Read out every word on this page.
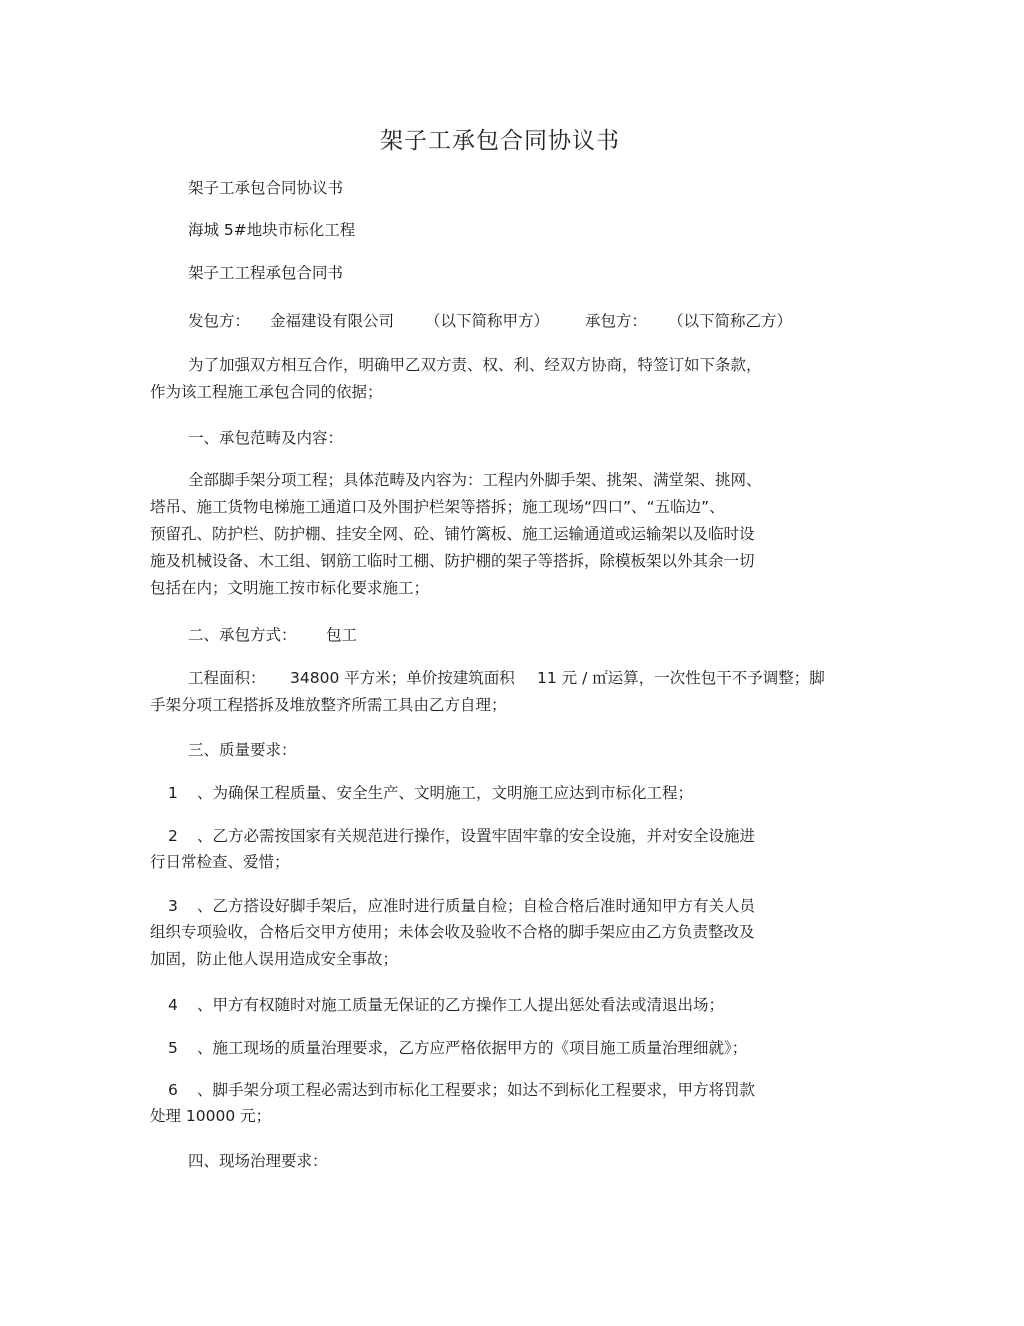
架子工承包合同协议书
架子工承包合同协议书
海城 5#地块市标化工程
架子工工程承包合同书
发包方： 金福建设有限公司 （以下简称甲方） 承包方： （以下简称乙方）
为了加强双方相互合作，明确甲乙双方责、权、利、经双方协商，特签订如下条款，
作为该工程施工承包合同的依据；
一、承包范畴及内容：
全部脚手架分项工程；具体范畴及内容为：工程内外脚手架、挑架、满堂架、挑网、
塔吊、施工货物电梯施工通道口及外围护栏架等搭拆；施工现场“四口”、“五临边”、
预留孔、防护栏、防护棚、挂安全网、砼、铺竹篱板、施工运输通道或运输架以及临时设
施及机械设备、木工组、钢筋工临时工棚、防护棚的架子等搭拆，除模板架以外其余一切
包括在内；文明施工按市标化要求施工；
二、承包方式： 包工
工程面积： 34800 平方米；单价按建筑面积 11 元 / ㎡运算，一次性包干不予调整；脚
手架分项工程搭拆及堆放整齐所需工具由乙方自理；
三、质量要求：
1 、为确保工程质量、安全生产、文明施工，文明施工应达到市标化工程；
2 、乙方必需按国家有关规范进行操作，设置牢固牢靠的安全设施，并对安全设施进
行日常检查、爱惜；
3 、乙方搭设好脚手架后，应准时进行质量自检；自检合格后准时通知甲方有关人员
组织专项验收，合格后交甲方使用；未体会收及验收不合格的脚手架应由乙方负责整改及
加固，防止他人误用造成安全事故；
4 、甲方有权随时对施工质量无保证的乙方操作工人提出惩处看法或清退出场；
5 、施工现场的质量治理要求，乙方应严格依据甲方的《项目施工质量治理细就》；
6 、脚手架分项工程必需达到市标化工程要求；如达不到标化工程要求，甲方将罚款
处理 10000 元；
四、现场治理要求：
